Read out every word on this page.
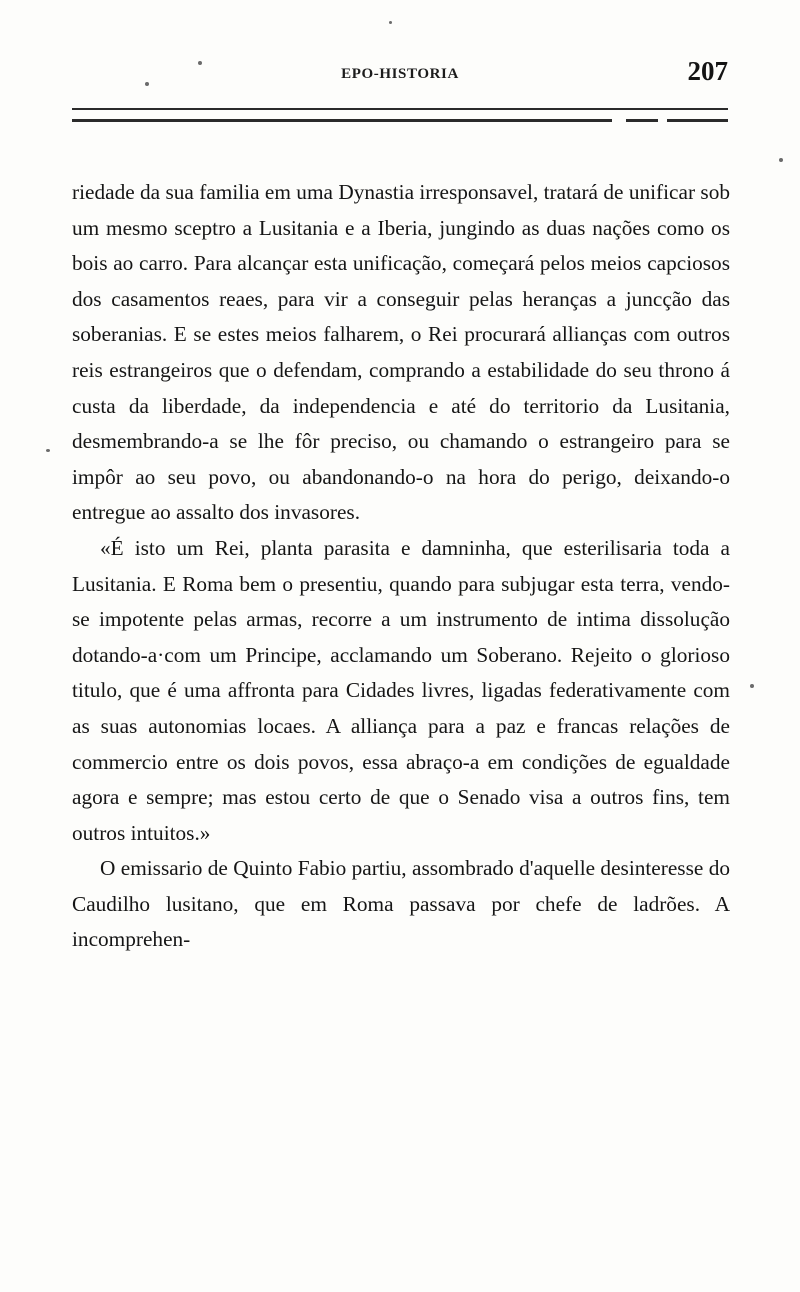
EPO-HISTORIA	207

riedade da sua familia em uma Dynastia irresponsavel, tratará de unificar sob um mesmo sceptro a Lusitania e a Iberia, jungindo as duas nações como os bois ao carro. Para alcançar esta unificação, começará pelos meios capciosos dos casamentos reaes, para vir a conseguir pelas heranças a juncção das soberanias. E se estes meios falharem, o Rei procurará allianças com outros reis estrangeiros que o defendam, comprando a estabilidade do seu throno á custa da liberdade, da independencia e até do territorio da Lusitania, desmembrando-a se lhe fôr preciso, ou chamando o estrangeiro para se impôr ao seu povo, ou abandonando-o na hora do perigo, deixando-o entregue ao assalto dos invasores.

«É isto um Rei, planta parasita e damninha, que esterilisaria toda a Lusitania. E Roma bem o presentiu, quando para subjugar esta terra, vendo-se impotente pelas armas, recorre a um instrumento de intima dissolução dotando-a·com um Principe, acclamando um Soberano. Rejeito o glorioso titulo, que é uma affronta para Cidades livres, ligadas federativamente com as suas autonomias locaes. A alliança para a paz e francas relações de commercio entre os dois povos, essa abraço-a em condições de egualdade agora e sempre; mas estou certo de que o Senado visa a outros fins, tem outros intuitos.»

O emissario de Quinto Fabio partiu, assombrado d'aquelle desinteresse do Caudilho lusitano, que em Roma passava por chefe de ladrões. A incomprehen-
